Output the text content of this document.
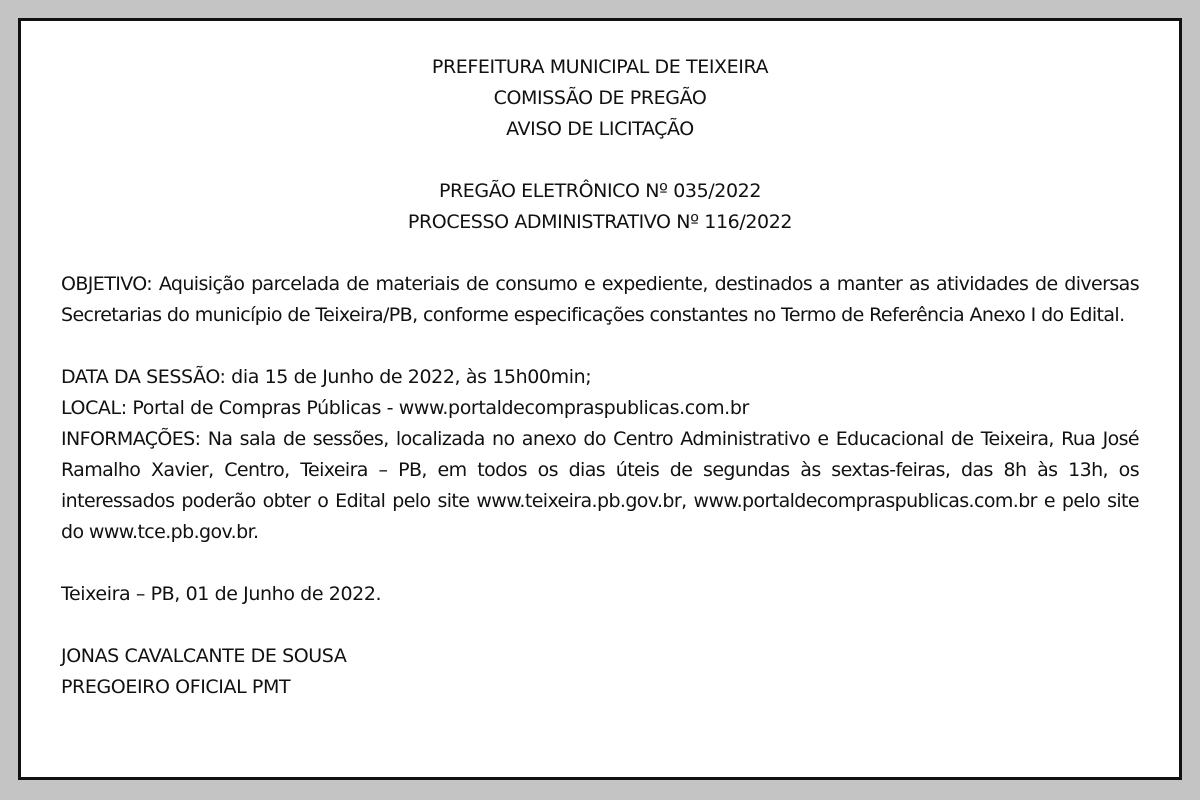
PREFEITURA MUNICIPAL DE TEIXEIRA
COMISSÃO DE PREGÃO
AVISO DE LICITAÇÃO
PREGÃO ELETRÔNICO Nº 035/2022
PROCESSO ADMINISTRATIVO Nº 116/2022
OBJETIVO: Aquisição parcelada de materiais de consumo e expediente, destinados a manter as atividades de diversas Secretarias do município de Teixeira/PB, conforme especificações constantes no Termo de Referência Anexo I do Edital.
DATA DA SESSÃO: dia 15 de Junho de 2022, às 15h00min;
LOCAL: Portal de Compras Públicas - www.portaldecompraspublicas.com.br
INFORMAÇÕES: Na sala de sessões, localizada no anexo do Centro Administrativo e Educacional de Teixeira, Rua José Ramalho Xavier, Centro, Teixeira – PB, em todos os dias úteis de segundas às sextas-feiras, das 8h às 13h, os interessados poderão obter o Edital pelo site www.teixeira.pb.gov.br, www.portaldecompraspublicas.com.br e pelo site do www.tce.pb.gov.br.
Teixeira – PB, 01 de Junho de 2022.
JONAS CAVALCANTE DE SOUSA
PREGOEIRO OFICIAL PMT
